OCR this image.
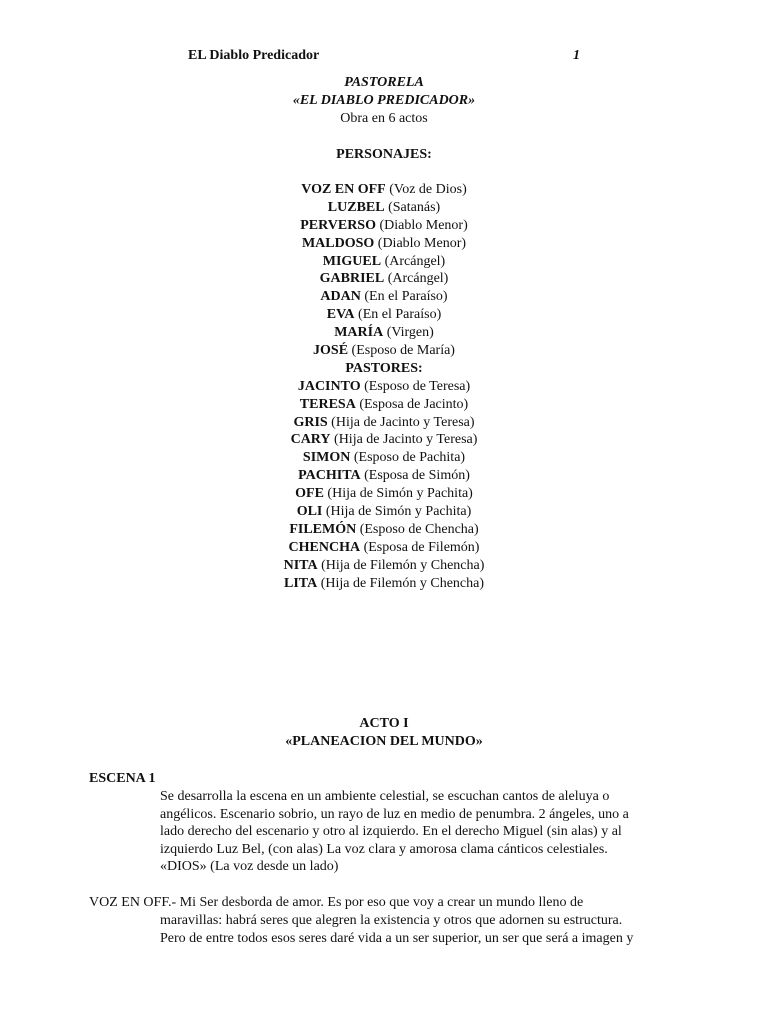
EL Diablo Predicador	1
PASTORELA
«EL DIABLO PREDICADOR»
Obra en 6 actos
PERSONAJES:
VOZ EN OFF (Voz de Dios)
LUZBEL (Satanás)
PERVERSO (Diablo Menor)
MALDOSO (Diablo Menor)
MIGUEL (Arcángel)
GABRIEL (Arcángel)
ADAN (En el Paraíso)
EVA (En el Paraíso)
MARÍA (Virgen)
JOSÉ (Esposo de María)
PASTORES:
JACINTO (Esposo de Teresa)
TERESA (Esposa de Jacinto)
GRIS (Hija de Jacinto y Teresa)
CARY (Hija de Jacinto y Teresa)
SIMON (Esposo de Pachita)
PACHITA (Esposa de Simón)
OFE (Hija de Simón y Pachita)
OLI (Hija de Simón y Pachita)
FILEMÓN (Esposo de Chencha)
CHENCHA (Esposa de Filemón)
NITA (Hija de Filemón y Chencha)
LITA (Hija de Filemón y Chencha)
ACTO I
«PLANEACION DEL MUNDO»
ESCENA 1
Se desarrolla la escena en un ambiente celestial, se escuchan cantos de aleluya o
angélicos. Escenario sobrio, un rayo de luz en medio de penumbra. 2 ángeles, uno a
lado derecho del escenario y otro al izquierdo. En el derecho Miguel (sin alas) y al
izquierdo Luz Bel, (con alas) La voz clara y amorosa clama cánticos celestiales.
«DIOS» (La voz desde un lado)
VOZ EN OFF.- Mi Ser desborda de amor. Es por eso que voy a crear un mundo lleno de
maravillas: habrá seres que alegren la existencia y otros que adornen su estructura.
Pero de entre todos esos seres daré vida a un ser superior, un ser que será a imagen y
